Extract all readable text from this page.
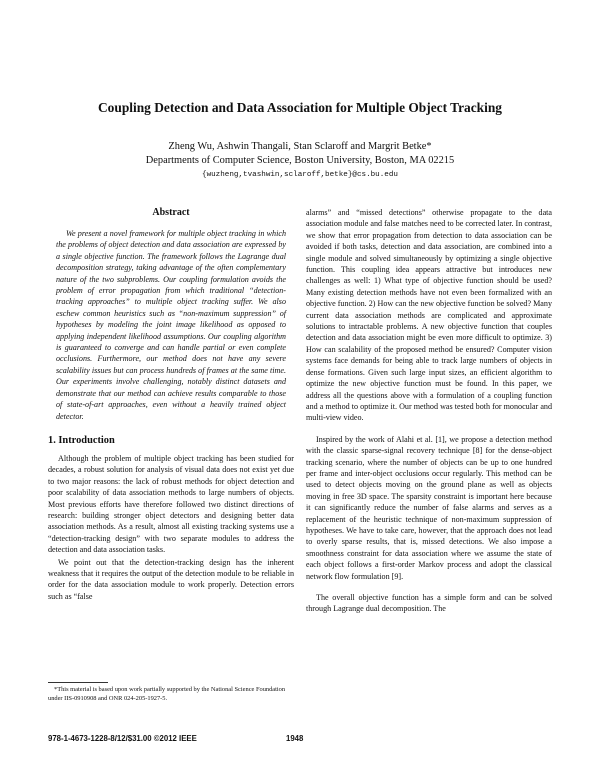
Coupling Detection and Data Association for Multiple Object Tracking
Zheng Wu, Ashwin Thangali, Stan Sclaroff and Margrit Betke*
Departments of Computer Science, Boston University, Boston, MA 02215
{wuzheng,tvashwin,sclaroff,betke}@cs.bu.edu
Abstract

We present a novel framework for multiple object tracking in which the problems of object detection and data association are expressed by a single objective function. The framework follows the Lagrange dual decomposition strategy, taking advantage of the often complementary nature of the two subproblems. Our coupling formulation avoids the problem of error propagation from which traditional “detection-tracking approaches” to multiple object tracking suffer. We also eschew common heuristics such as “non-maximum suppression” of hypotheses by modeling the joint image likelihood as opposed to applying independent likelihood assumptions. Our coupling algorithm is guaranteed to converge and can handle partial or even complete occlusions. Furthermore, our method does not have any severe scalability issues but can process hundreds of frames at the same time. Our experiments involve challenging, notably distinct datasets and demonstrate that our method can achieve results comparable to those of state-of-art approaches, even without a heavily trained object detector.

1. Introduction

Although the problem of multiple object tracking has been studied for decades, a robust solution for analysis of visual data does not exist yet due to two major reasons: the lack of robust methods for object detection and poor scalability of data association methods to large numbers of objects. Most previous efforts have therefore followed two distinct directions of research: building stronger object detectors and designing better data association methods. As a result, almost all existing tracking systems use a “detection-tracking design” with two separate modules to address the detection and data association tasks.

We point out that the detection-tracking design has the inherent weakness that it requires the output of the detection module to be reliable in order for the data association module to work properly. Detection errors such as “false

alarms” and “missed detections” otherwise propagate to the data association module and false matches need to be corrected later. In contrast, we show that error propagation from detection to data association can be avoided if both tasks, detection and data association, are combined into a single module and solved simultaneously by optimizing a single objective function. This coupling idea appears attractive but introduces new challenges as well: 1) What type of objective function should be used? Many existing detection methods have not even been formalized with an objective function. 2) How can the new objective function be solved? Many current data association methods are complicated and approximate solutions to intractable problems. A new objective function that couples detection and data association might be even more difficult to optimize. 3) How can scalability of the proposed method be ensured? Computer vision systems face demands for being able to track large numbers of objects in dense formations. Given such large input sizes, an efficient algorithm to optimize the new objective function must be found. In this paper, we address all the questions above with a formulation of a coupling function and a method to optimize it. Our method was tested both for monocular and multi-view video.

Inspired by the work of Alahi et al. [1], we propose a detection method with the classic sparse-signal recovery technique [8] for the dense-object tracking scenario, where the number of objects can be up to one hundred per frame and inter-object occlusions occur regularly. This method can be used to detect objects moving on the ground plane as well as objects moving in free 3D space. The sparsity constraint is important here because it can significantly reduce the number of false alarms and serves as a replacement of the heuristic technique of non-maximum suppression of hypotheses. We have to take care, however, that the approach does not lead to overly sparse results, that is, missed detections. We also impose a smoothness constraint for data association where we assume the state of each object follows a first-order Markov process and adopt the classical network flow formulation [9].

The overall objective function has a simple form and can be solved through Lagrange dual decomposition. The

*This material is based upon work partially supported by the National Science Foundation under IIS-0910908 and ONR 024-205-1927-5.
978-1-4673-1228-8/12/$31.00 ©2012 IEEE	1948
